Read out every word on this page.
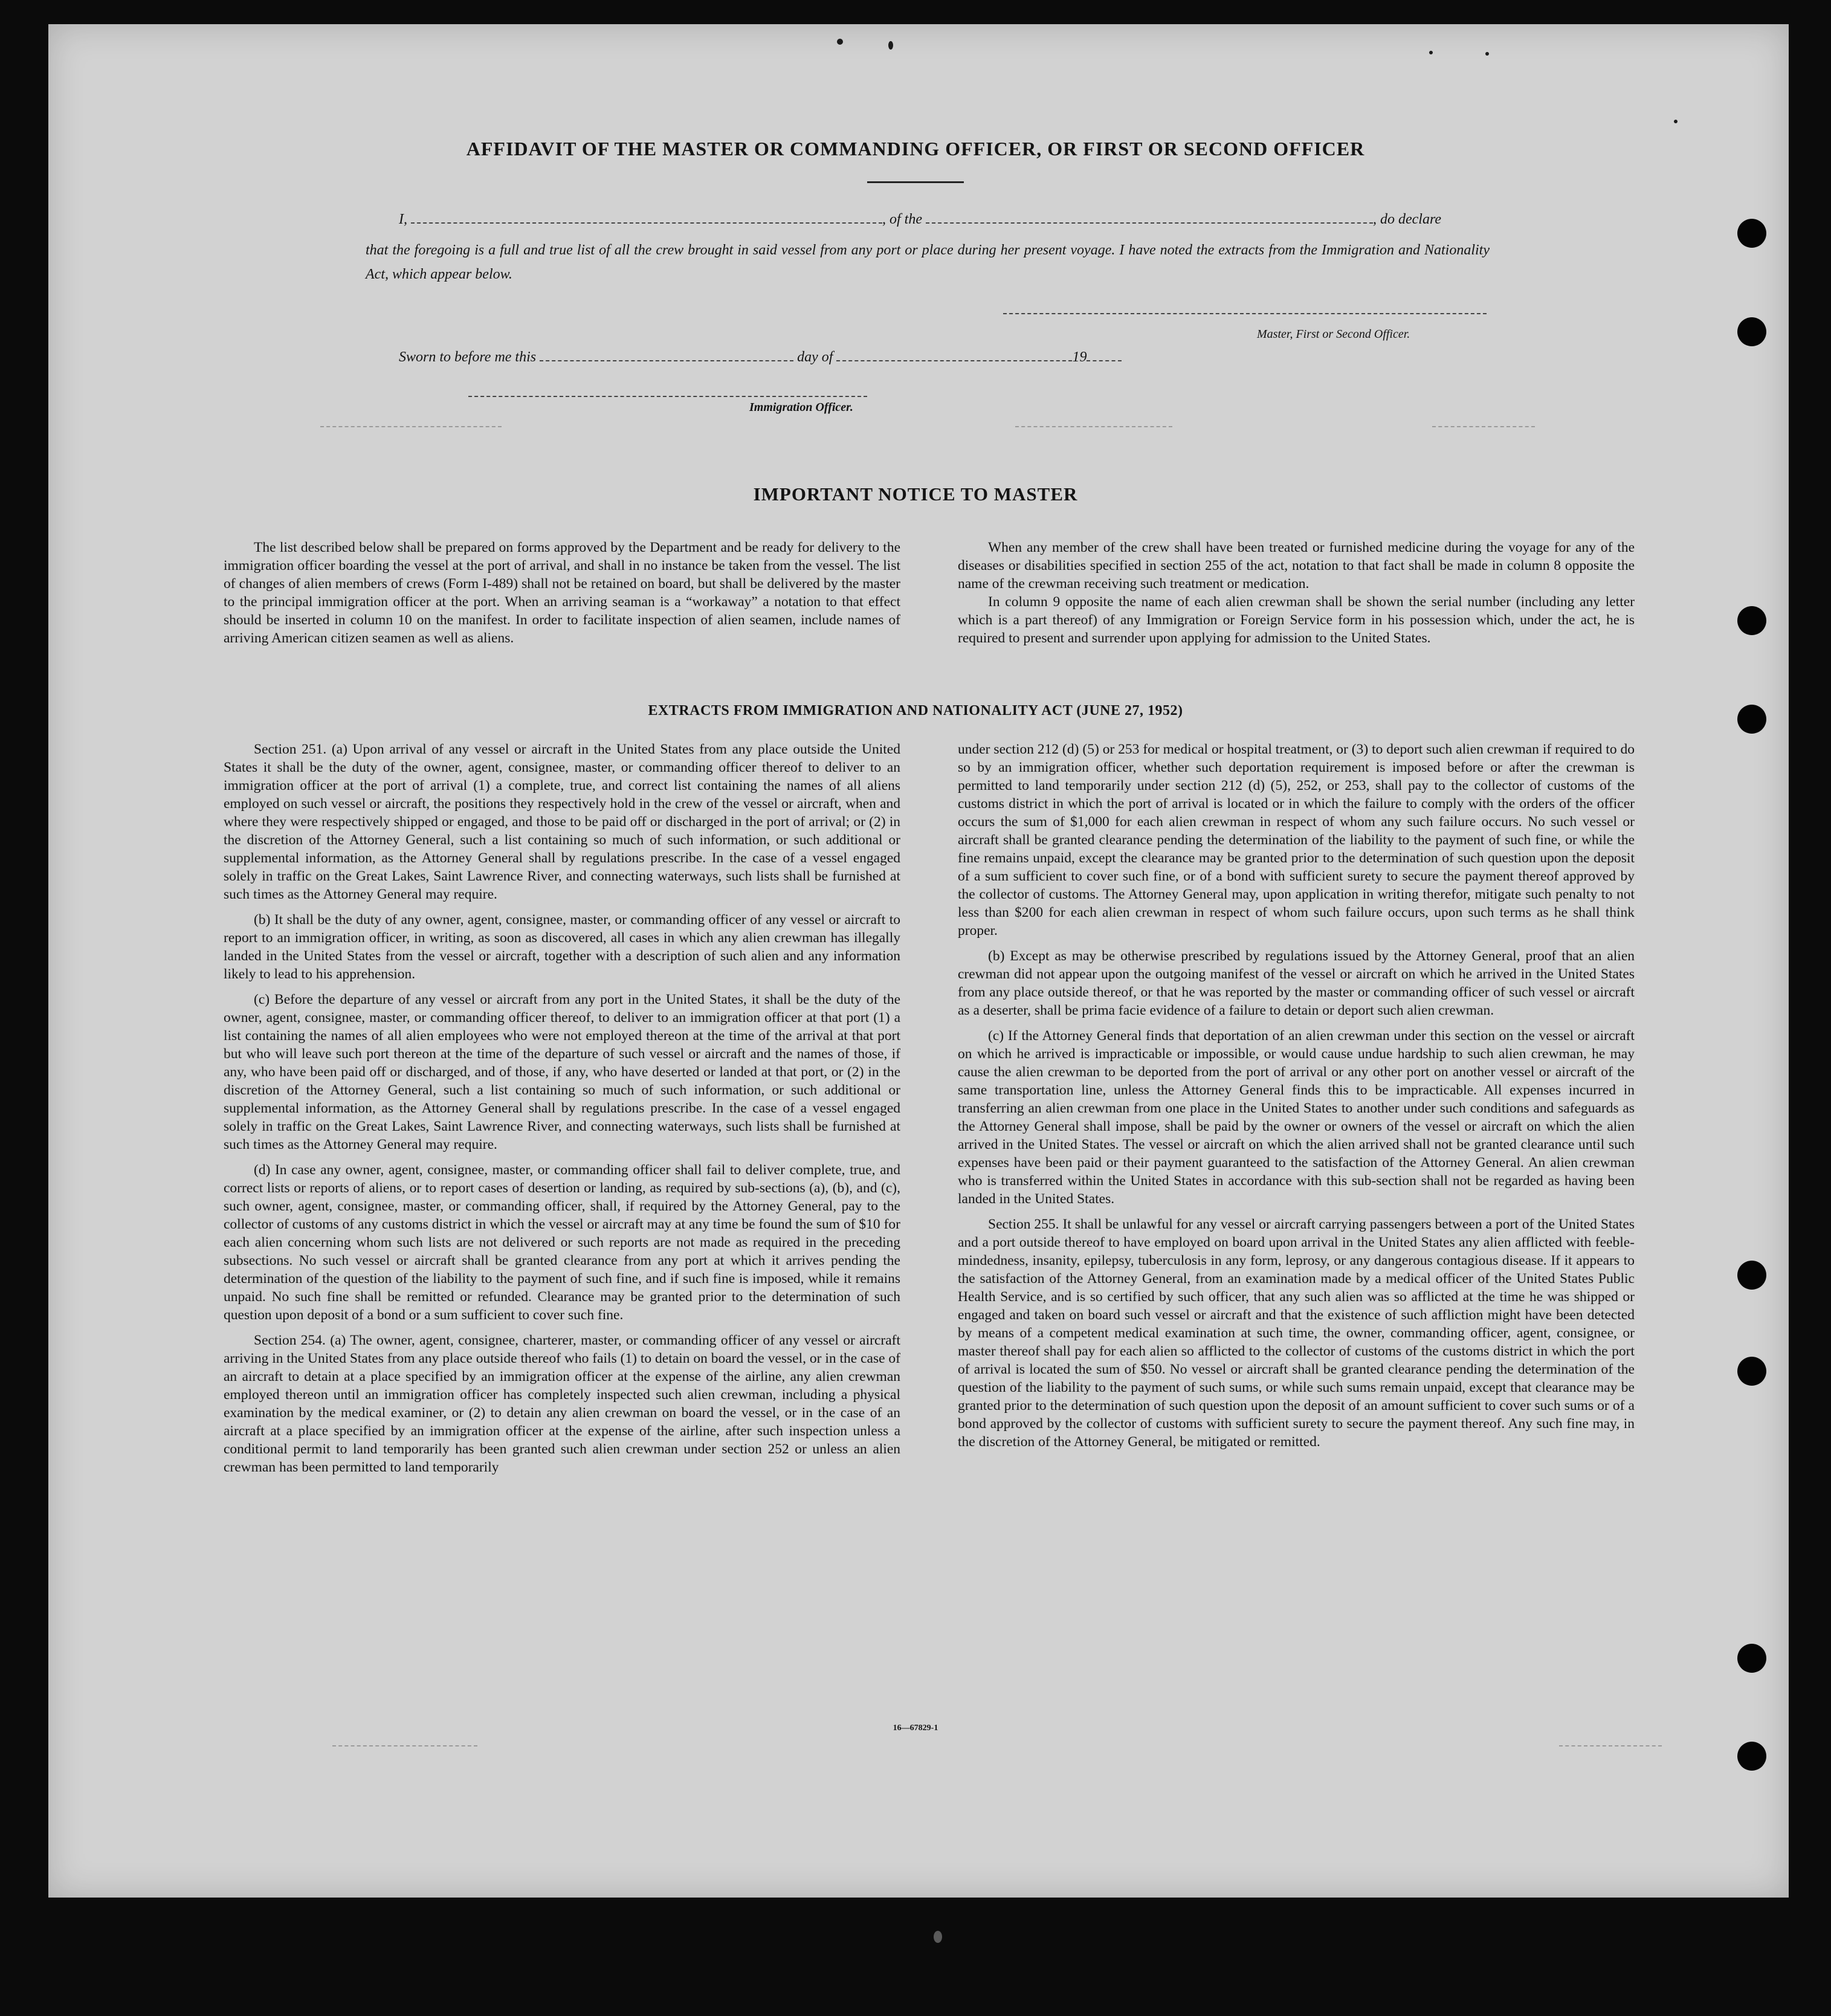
AFFIDAVIT OF THE MASTER OR COMMANDING OFFICER, OR FIRST OR SECOND OFFICER
I,	, of the	, do declare
that the foregoing is a full and true list of all the crew brought in said vessel from any port or place during her present voyage. I have noted the extracts from the Immigration and Nationality Act, which appear below.
Master, First or Second Officer.
Sworn to before me this	day of	19
Immigration Officer.
IMPORTANT NOTICE TO MASTER

The list described below shall be prepared on forms approved by the Department and be ready for delivery to the immigration officer boarding the vessel at the port of arrival, and shall in no instance be taken from the vessel. The list of changes of alien members of crews (Form I-489) shall not be retained on board, but shall be delivered by the master to the principal immigration officer at the port. When an arriving seaman is a “workaway” a notation to that effect should be inserted in column 10 on the manifest. In order to facilitate inspection of alien seamen, include names of arriving American citizen seamen as well as aliens.

When any member of the crew shall have been treated or furnished medicine during the voyage for any of the diseases or disabilities specified in section 255 of the act, notation to that fact shall be made in column 8 opposite the name of the crewman receiving such treatment or medication.

In column 9 opposite the name of each alien crewman shall be shown the serial number (including any letter which is a part thereof) of any Immigration or Foreign Service form in his possession which, under the act, he is required to present and surrender upon applying for admission to the United States.

EXTRACTS FROM IMMIGRATION AND NATIONALITY ACT (JUNE 27, 1952)

Section 251. (a) Upon arrival of any vessel or aircraft in the United States from any place outside the United States it shall be the duty of the owner, agent, consignee, master, or commanding officer thereof to deliver to an immigration officer at the port of arrival (1) a complete, true, and correct list containing the names of all aliens employed on such vessel or aircraft, the positions they respectively hold in the crew of the vessel or aircraft, when and where they were respectively shipped or engaged, and those to be paid off or discharged in the port of arrival; or (2) in the discretion of the Attorney General, such a list containing so much of such information, or such additional or supplemental information, as the Attorney General shall by regulations prescribe. In the case of a vessel engaged solely in traffic on the Great Lakes, Saint Lawrence River, and connecting waterways, such lists shall be furnished at such times as the Attorney General may require.

(b) It shall be the duty of any owner, agent, consignee, master, or commanding officer of any vessel or aircraft to report to an immigration officer, in writing, as soon as discovered, all cases in which any alien crewman has illegally landed in the United States from the vessel or aircraft, together with a description of such alien and any information likely to lead to his apprehension.

(c) Before the departure of any vessel or aircraft from any port in the United States, it shall be the duty of the owner, agent, consignee, master, or commanding officer thereof, to deliver to an immigration officer at that port (1) a list containing the names of all alien employees who were not employed thereon at the time of the arrival at that port but who will leave such port thereon at the time of the departure of such vessel or aircraft and the names of those, if any, who have been paid off or discharged, and of those, if any, who have deserted or landed at that port, or (2) in the discretion of the Attorney General, such a list containing so much of such information, or such additional or supplemental information, as the Attorney General shall by regulations prescribe. In the case of a vessel engaged solely in traffic on the Great Lakes, Saint Lawrence River, and connecting waterways, such lists shall be furnished at such times as the Attorney General may require.

(d) In case any owner, agent, consignee, master, or commanding officer shall fail to deliver complete, true, and correct lists or reports of aliens, or to report cases of desertion or landing, as required by sub-sections (a), (b), and (c), such owner, agent, consignee, master, or commanding officer, shall, if required by the Attorney General, pay to the collector of customs of any customs district in which the vessel or aircraft may at any time be found the sum of $10 for each alien concerning whom such lists are not delivered or such reports are not made as required in the preceding subsections. No such vessel or aircraft shall be granted clearance from any port at which it arrives pending the determination of the question of the liability to the payment of such fine, and if such fine is imposed, while it remains unpaid. No such fine shall be remitted or refunded. Clearance may be granted prior to the determination of such question upon deposit of a bond or a sum sufficient to cover such fine.

Section 254. (a) The owner, agent, consignee, charterer, master, or commanding officer of any vessel or aircraft arriving in the United States from any place outside thereof who fails (1) to detain on board the vessel, or in the case of an aircraft to detain at a place specified by an immigration officer at the expense of the airline, any alien crewman employed thereon until an immigration officer has completely inspected such alien crewman, including a physical examination by the medical examiner, or (2) to detain any alien crewman on board the vessel, or in the case of an aircraft at a place specified by an immigration officer at the expense of the airline, after such inspection unless a conditional permit to land temporarily has been granted such alien crewman under section 252 or unless an alien crewman has been permitted to land temporarily

under section 212 (d) (5) or 253 for medical or hospital treatment, or (3) to deport such alien crewman if required to do so by an immigration officer, whether such deportation requirement is imposed before or after the crewman is permitted to land temporarily under section 212 (d) (5), 252, or 253, shall pay to the collector of customs of the customs district in which the port of arrival is located or in which the failure to comply with the orders of the officer occurs the sum of $1,000 for each alien crewman in respect of whom any such failure occurs. No such vessel or aircraft shall be granted clearance pending the determination of the liability to the payment of such fine, or while the fine remains unpaid, except the clearance may be granted prior to the determination of such question upon the deposit of a sum sufficient to cover such fine, or of a bond with sufficient surety to secure the payment thereof approved by the collector of customs. The Attorney General may, upon application in writing therefor, mitigate such penalty to not less than $200 for each alien crewman in respect of whom such failure occurs, upon such terms as he shall think proper.

(b) Except as may be otherwise prescribed by regulations issued by the Attorney General, proof that an alien crewman did not appear upon the outgoing manifest of the vessel or aircraft on which he arrived in the United States from any place outside thereof, or that he was reported by the master or commanding officer of such vessel or aircraft as a deserter, shall be prima facie evidence of a failure to detain or deport such alien crewman.

(c) If the Attorney General finds that deportation of an alien crewman under this section on the vessel or aircraft on which he arrived is impracticable or impossible, or would cause undue hardship to such alien crewman, he may cause the alien crewman to be deported from the port of arrival or any other port on another vessel or aircraft of the same transportation line, unless the Attorney General finds this to be impracticable. All expenses incurred in transferring an alien crewman from one place in the United States to another under such conditions and safeguards as the Attorney General shall impose, shall be paid by the owner or owners of the vessel or aircraft on which the alien arrived in the United States. The vessel or aircraft on which the alien arrived shall not be granted clearance until such expenses have been paid or their payment guaranteed to the satisfaction of the Attorney General. An alien crewman who is transferred within the United States in accordance with this sub-section shall not be regarded as having been landed in the United States.

Section 255. It shall be unlawful for any vessel or aircraft carrying passengers between a port of the United States and a port outside thereof to have employed on board upon arrival in the United States any alien afflicted with feeble-mindedness, insanity, epilepsy, tuberculosis in any form, leprosy, or any dangerous contagious disease. If it appears to the satisfaction of the Attorney General, from an examination made by a medical officer of the United States Public Health Service, and is so certified by such officer, that any such alien was so afflicted at the time he was shipped or engaged and taken on board such vessel or aircraft and that the existence of such affliction might have been detected by means of a competent medical examination at such time, the owner, commanding officer, agent, consignee, or master thereof shall pay for each alien so afflicted to the collector of customs of the customs district in which the port of arrival is located the sum of $50. No vessel or aircraft shall be granted clearance pending the determination of the question of the liability to the payment of such sums, or while such sums remain unpaid, except that clearance may be granted prior to the determination of such question upon the deposit of an amount sufficient to cover such sums or of a bond approved by the collector of customs with sufficient surety to secure the payment thereof. Any such fine may, in the discretion of the Attorney General, be mitigated or remitted.

16—67829-1
